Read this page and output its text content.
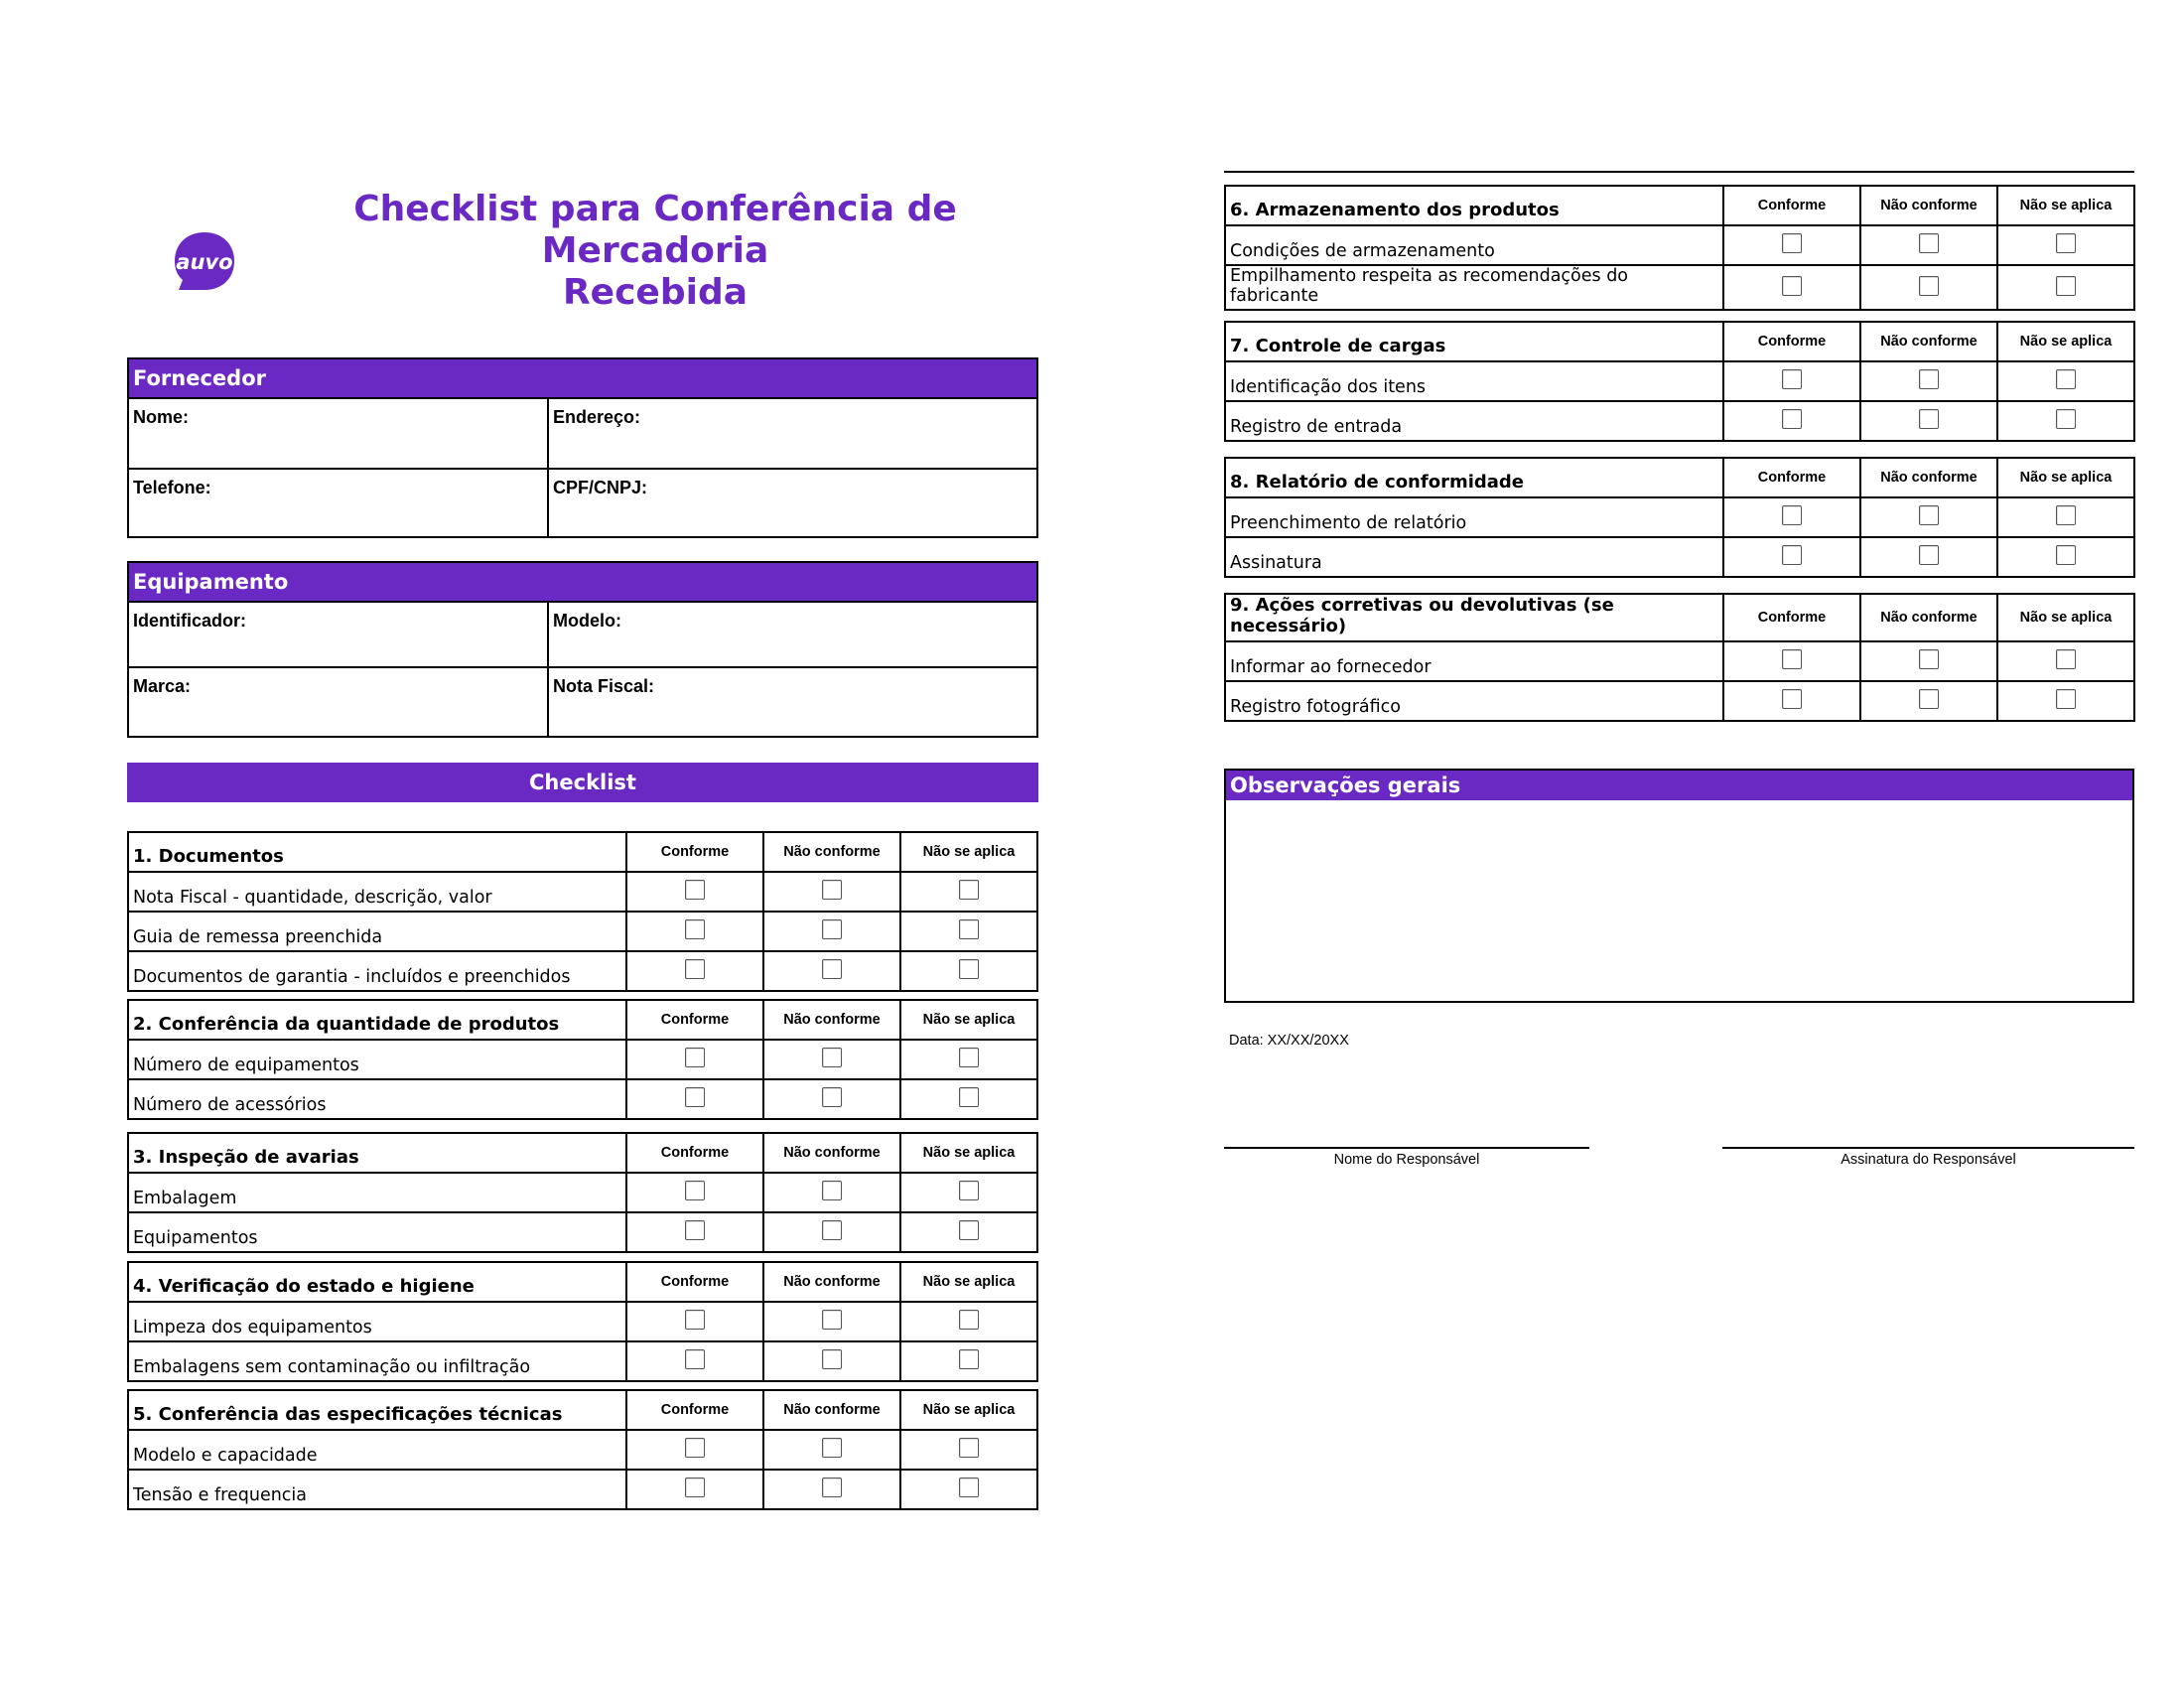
Checklist para Conferência de Mercadoria
Recebida
auvo
Fornecedor
Nome:	Endereço:
Telefone:	CPF/CNPJ:
Equipamento
Identificador:	Modelo:
Marca:	Nota Fiscal:
Checklist
1. Documentos	Conforme	Não conforme	Não se aplica
Nota Fiscal - quantidade, descrição, valor			
Guia de remessa preenchida			
Documentos de garantia - incluídos e preenchidos			
2. Conferência da quantidade de produtos	Conforme	Não conforme	Não se aplica
Número de equipamentos			
Número de acessórios			
3. Inspeção de avarias	Conforme	Não conforme	Não se aplica
Embalagem			
Equipamentos			
4. Verificação do estado e higiene	Conforme	Não conforme	Não se aplica
Limpeza dos equipamentos			
Embalagens sem contaminação ou infiltração			
5. Conferência das especificações técnicas	Conforme	Não conforme	Não se aplica
Modelo e capacidade			
Tensão e frequencia			
6. Armazenamento dos produtos	Conforme	Não conforme	Não se aplica
Condições de armazenamento			
Empilhamento respeita as recomendações do fabricante			
7. Controle de cargas	Conforme	Não conforme	Não se aplica
Identificação dos itens			
Registro de entrada			
8. Relatório de conformidade	Conforme	Não conforme	Não se aplica
Preenchimento de relatório			
Assinatura			
9. Ações corretivas ou devolutivas (se necessário)	Conforme	Não conforme	Não se aplica
Informar ao fornecedor			
Registro fotográfico			
Observações gerais
Data: XX/XX/20XX
Nome do Responsável	Assinatura do Responsável
